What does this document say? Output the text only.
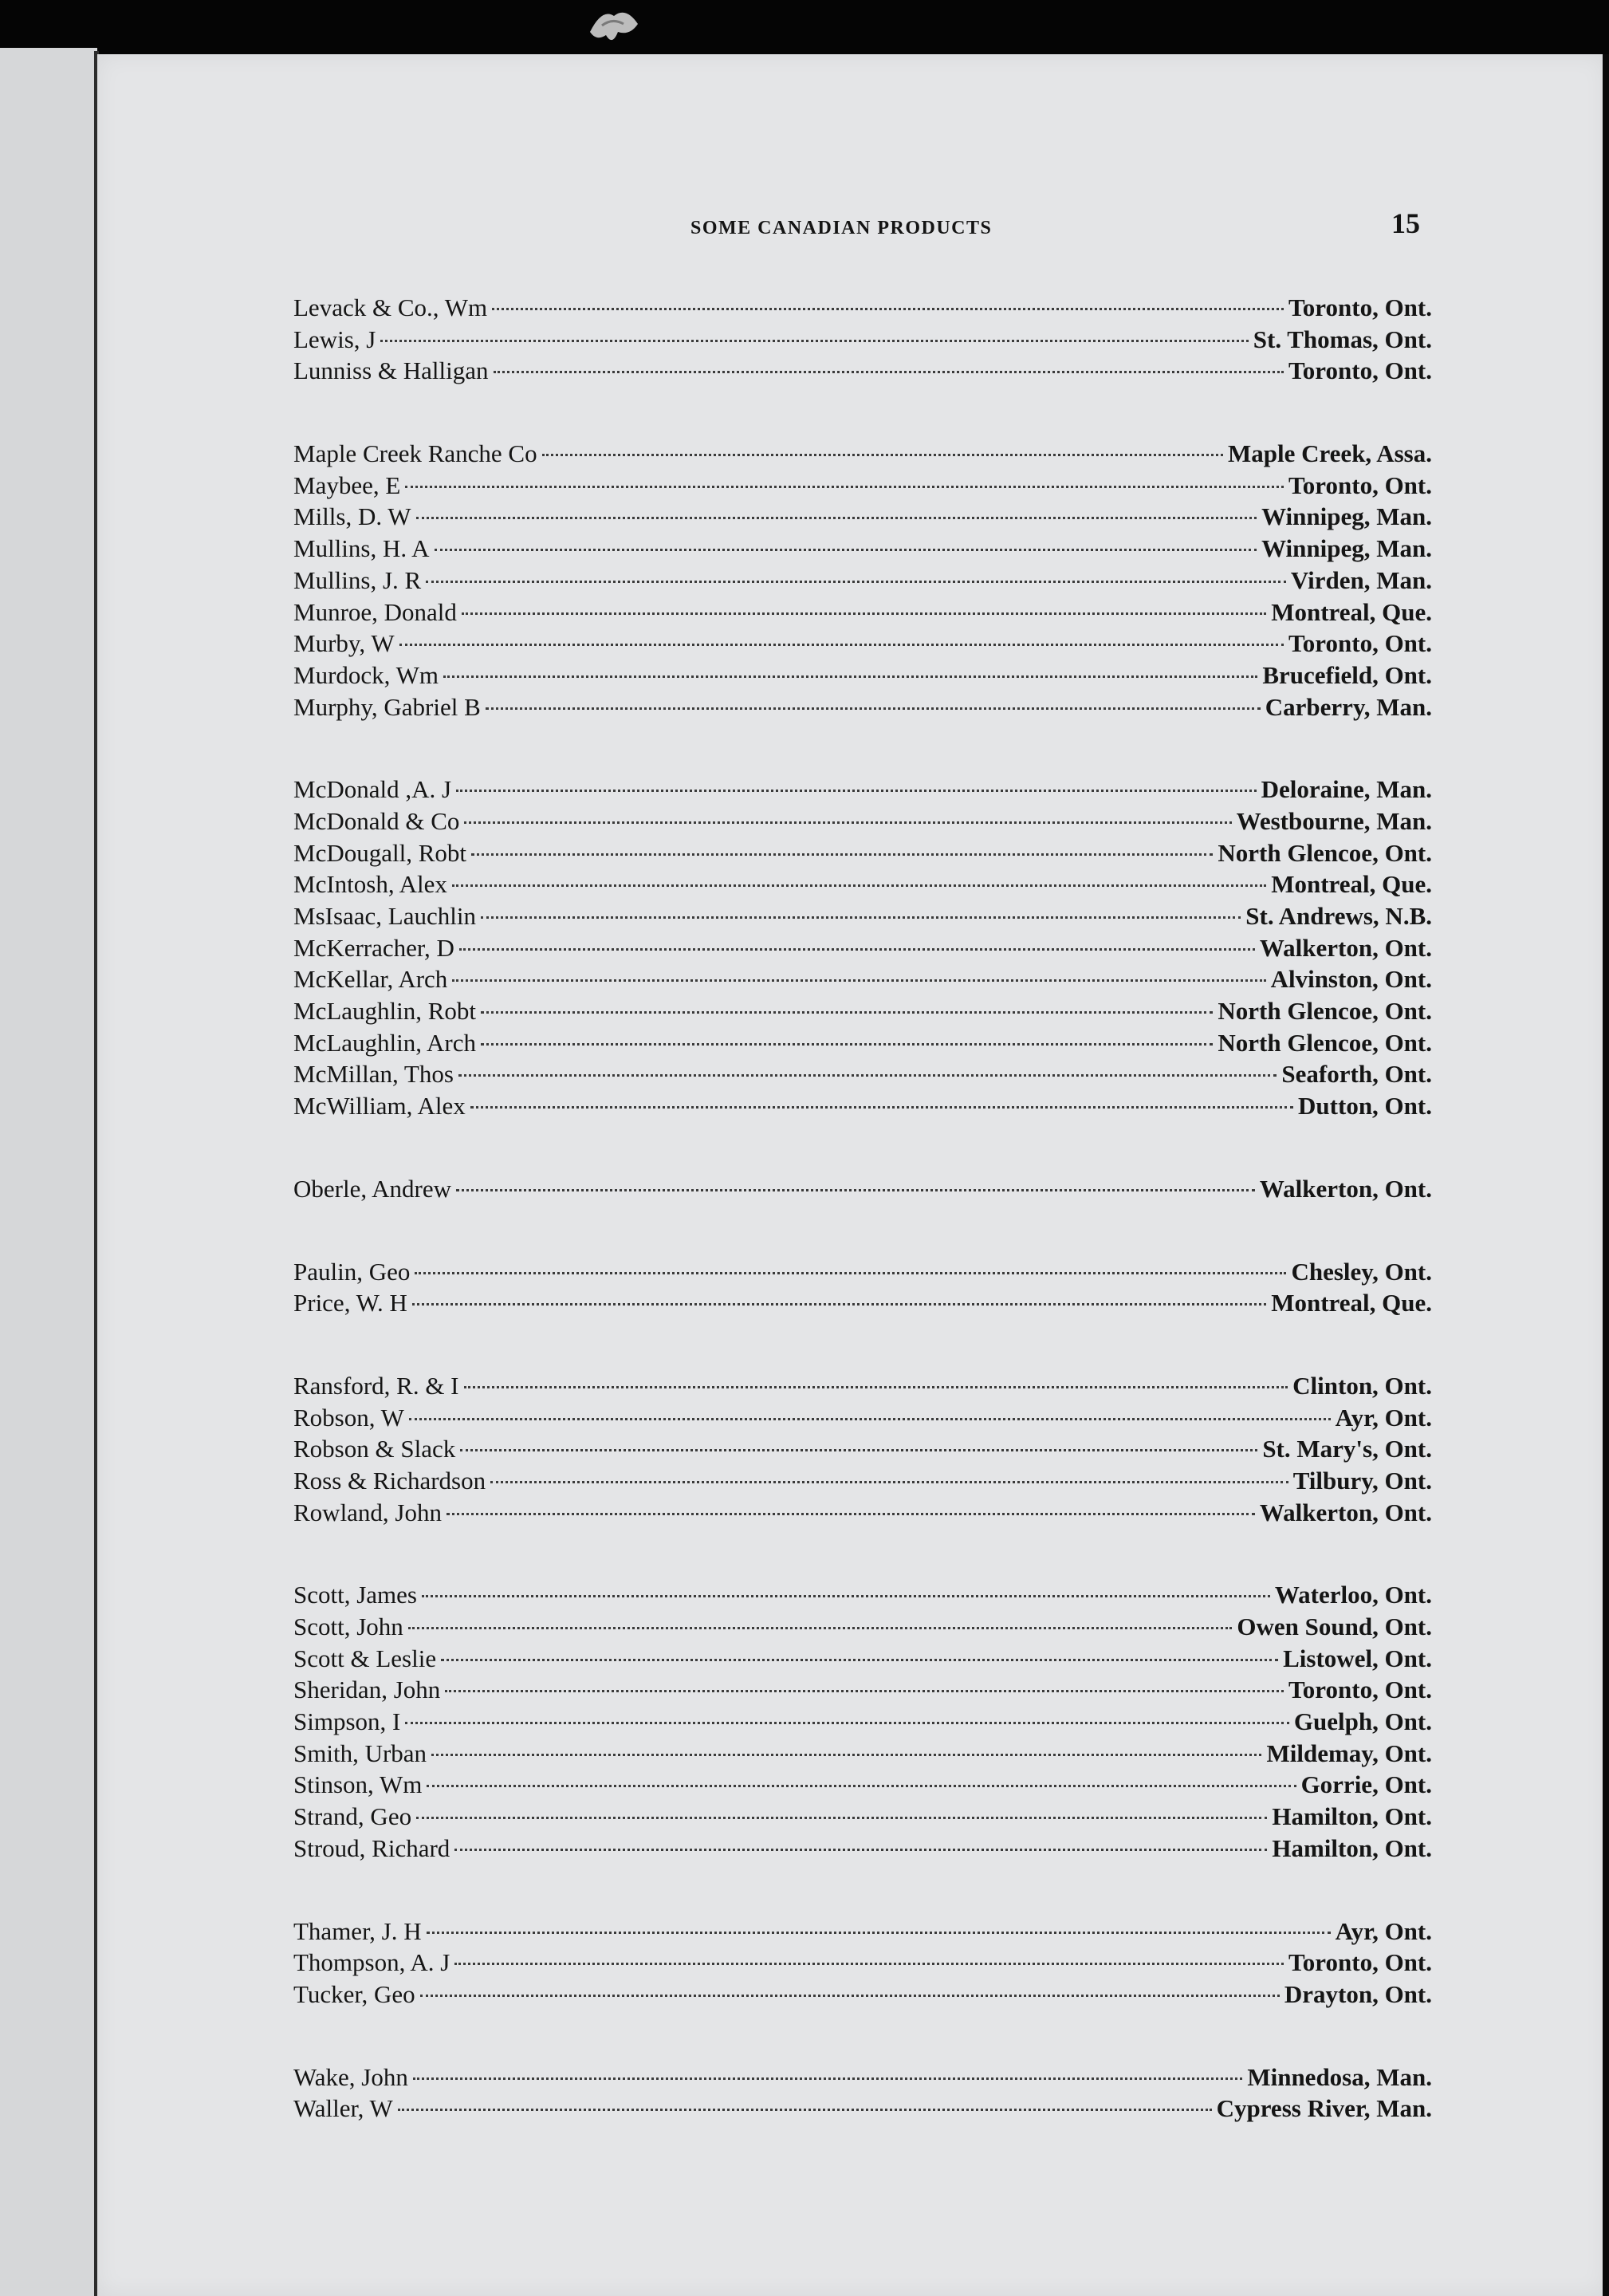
SOME CANADIAN PRODUCTS	15
Levack & Co., Wm	Toronto, Ont.
Lewis, J	St. Thomas, Ont.
Lunniss & Halligan	Toronto, Ont.
Maple Creek Ranche Co	Maple Creek, Assa.
Maybee, E	Toronto, Ont.
Mills, D. W	Winnipeg, Man.
Mullins, H. A	Winnipeg, Man.
Mullins, J. R	Virden, Man.
Munroe, Donald	Montreal, Que.
Murby, W	Toronto, Ont.
Murdock, Wm	Brucefield, Ont.
Murphy, Gabriel B	Carberry, Man.
McDonald ,A. J	Deloraine, Man.
McDonald & Co	Westbourne, Man.
McDougall, Robt	North Glencoe, Ont.
McIntosh, Alex	Montreal, Que.
MsIsaac, Lauchlin	St. Andrews, N.B.
McKerracher, D	Walkerton, Ont.
McKellar, Arch	Alvinston, Ont.
McLaughlin, Robt	North Glencoe, Ont.
McLaughlin, Arch	North Glencoe, Ont.
McMillan, Thos	Seaforth, Ont.
McWilliam, Alex	Dutton, Ont.
Oberle, Andrew	Walkerton, Ont.
Paulin, Geo	Chesley, Ont.
Price, W. H	Montreal, Que.
Ransford, R. & I	Clinton, Ont.
Robson, W	Ayr, Ont.
Robson & Slack	St. Mary's, Ont.
Ross & Richardson	Tilbury, Ont.
Rowland, John	Walkerton, Ont.
Scott, James	Waterloo, Ont.
Scott, John	Owen Sound, Ont.
Scott & Leslie	Listowel, Ont.
Sheridan, John	Toronto, Ont.
Simpson, I	Guelph, Ont.
Smith, Urban	Mildemay, Ont.
Stinson, Wm	Gorrie, Ont.
Strand, Geo	Hamilton, Ont.
Stroud, Richard	Hamilton, Ont.
Thamer, J. H	Ayr, Ont.
Thompson, A. J	Toronto, Ont.
Tucker, Geo	Drayton, Ont.
Wake, John	Minnedosa, Man.
Waller, W	Cypress River, Man.
